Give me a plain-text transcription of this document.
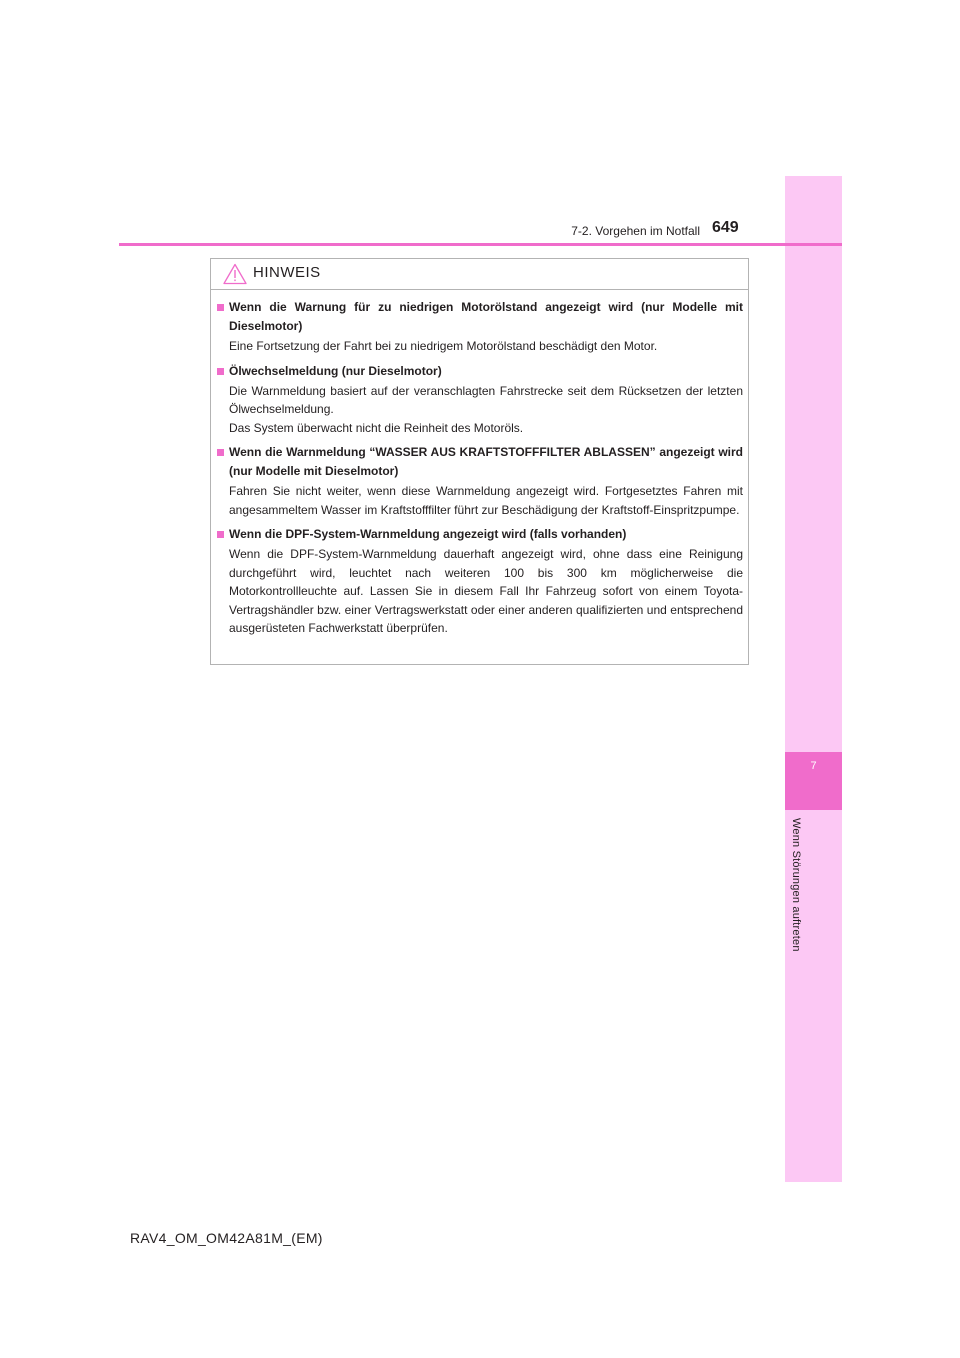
7
Wenn Störungen auftreten
7-2. Vorgehen im Notfall 649
HINWEIS
Wenn die Warnung für zu niedrigen Motorölstand angezeigt wird (nur Modelle mit Dieselmotor)
Eine Fortsetzung der Fahrt bei zu niedrigem Motorölstand beschädigt den Motor.
Ölwechselmeldung (nur Dieselmotor)
Die Warnmeldung basiert auf der veranschlagten Fahrstrecke seit dem Rücksetzen der letzten Ölwechselmeldung.
Das System überwacht nicht die Reinheit des Motoröls.
Wenn die Warnmeldung “WASSER AUS KRAFTSTOFFFILTER ABLASSEN” angezeigt wird (nur Modelle mit Dieselmotor)
Fahren Sie nicht weiter, wenn diese Warnmeldung angezeigt wird. Fortgesetztes Fahren mit angesammeltem Wasser im Kraftstofffilter führt zur Beschädigung der Kraftstoff-Einspritzpumpe.
Wenn die DPF-System-Warnmeldung angezeigt wird (falls vorhanden)
Wenn die DPF-System-Warnmeldung dauerhaft angezeigt wird, ohne dass eine Reinigung durchgeführt wird, leuchtet nach weiteren 100 bis 300 km möglicherweise die Motorkontrollleuchte auf. Lassen Sie in diesem Fall Ihr Fahrzeug sofort von einem Toyota-Vertragshändler bzw. einer Vertragswerkstatt oder einer anderen qualifizierten und entsprechend ausgerüsteten Fachwerkstatt überprüfen.
RAV4_OM_OM42A81M_(EM)
